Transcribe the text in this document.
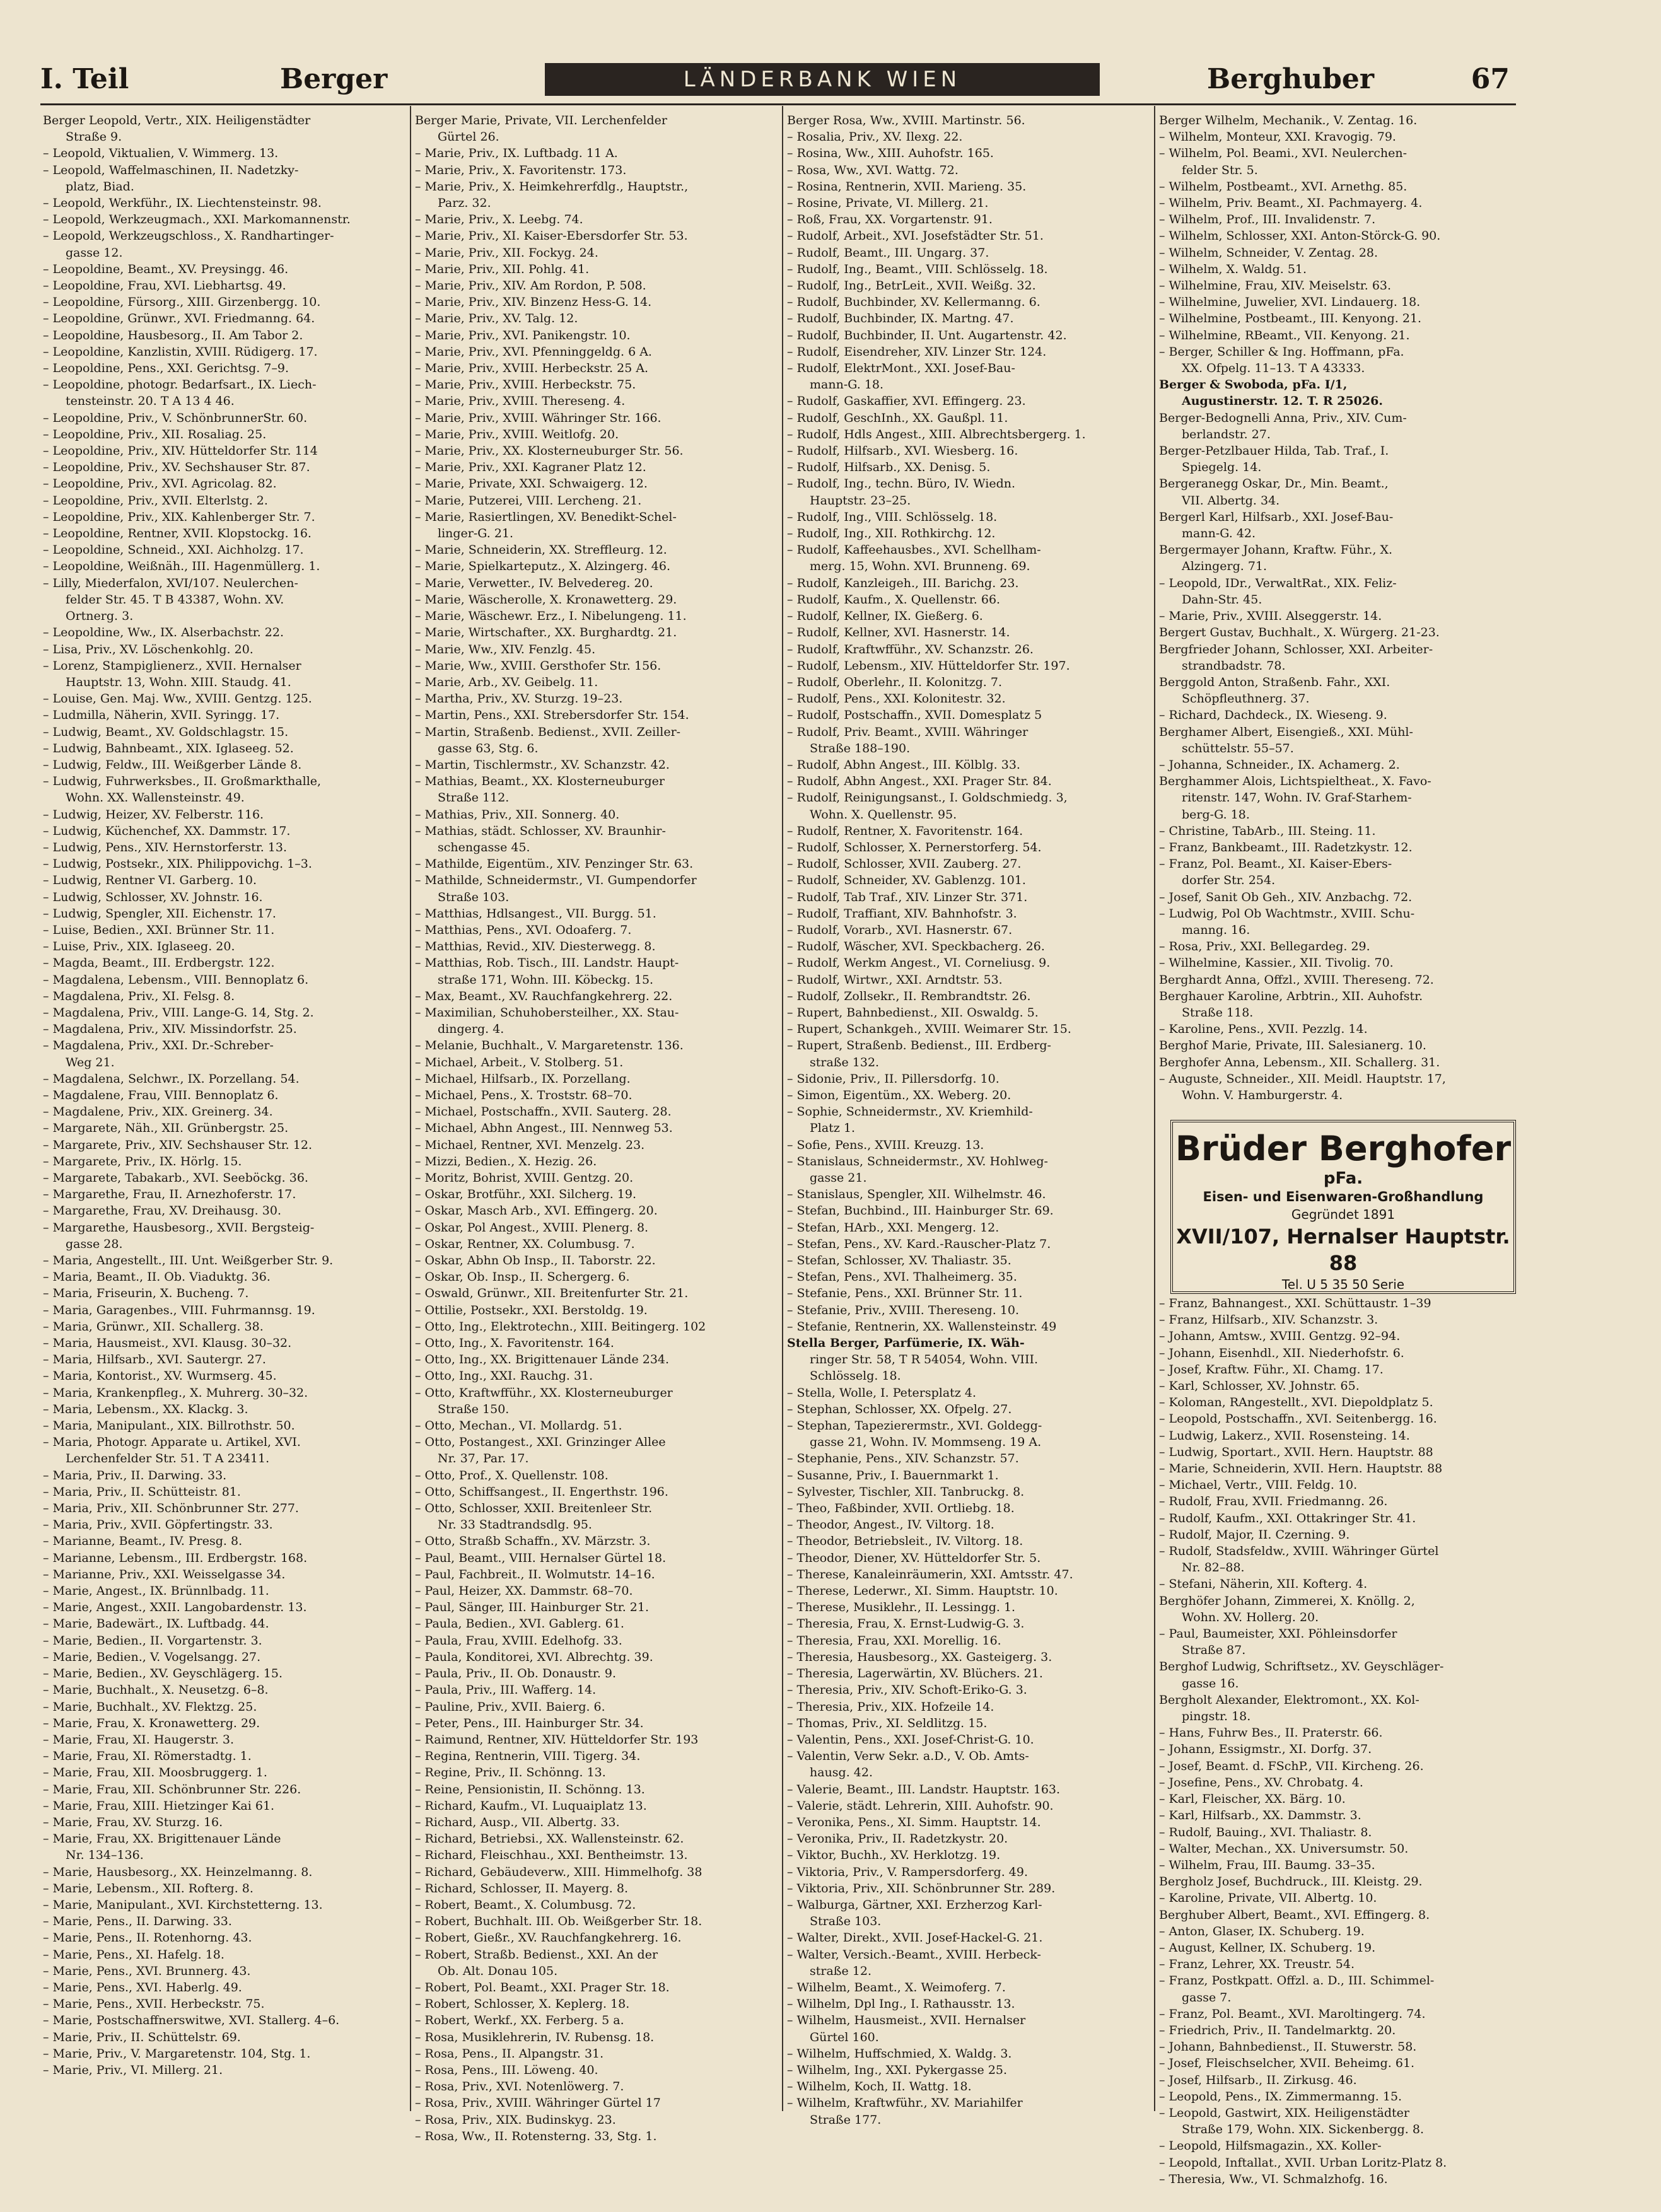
I. Teil	Berger	LÄNDERBANK WIEN	Berghuber	67
Berger Leopold, Vertr., XIX. Heiligenstädter
Straße 9.
– Leopold, Viktualien, V. Wimmerg. 13.
– Leopold, Waffelmaschinen, II. Nadetzky-
platz, Biad.
– Leopold, Werkführ., IX. Liechtensteinstr. 98.
– Leopold, Werkzeugmach., XXI. Markomannenstr.
– Leopold, Werkzeugschloss., X. Randhartinger-
gasse 12.
– Leopoldine, Beamt., XV. Preysingg. 46.
– Leopoldine, Frau, XVI. Liebhartsg. 49.
– Leopoldine, Fürsorg., XIII. Girzenbergg. 10.
– Leopoldine, Grünwr., XVI. Friedmanng. 64.
– Leopoldine, Hausbesorg., II. Am Tabor 2.
– Leopoldine, Kanzlistin, XVIII. Rüdigerg. 17.
– Leopoldine, Pens., XXI. Gerichtsg. 7–9.
– Leopoldine, photogr. Bedarfsart., IX. Liech-
tensteinstr. 20. T A 13 4 46.
– Leopoldine, Priv., V. SchönbrunnerStr. 60.
– Leopoldine, Priv., XII. Rosaliag. 25.
– Leopoldine, Priv., XIV. Hütteldorfer Str. 114
– Leopoldine, Priv., XV. Sechshauser Str. 87.
– Leopoldine, Priv., XVI. Agricolag. 82.
– Leopoldine, Priv., XVII. Elterlstg. 2.
– Leopoldine, Priv., XIX. Kahlenberger Str. 7.
– Leopoldine, Rentner, XVII. Klopstockg. 16.
– Leopoldine, Schneid., XXI. Aichholzg. 17.
– Leopoldine, Weißnäh., III. Hagenmüllerg. 1.
– Lilly, Miederfalon, XVI/107. Neulerchen-
felder Str. 45. T B 43387, Wohn. XV.
Ortnerg. 3.
– Leopoldine, Ww., IX. Alserbachstr. 22.
– Lisa, Priv., XV. Löschenkohlg. 20.
– Lorenz, Stampiglienerz., XVII. Hernalser
Hauptstr. 13, Wohn. XIII. Staudg. 41.
– Louise, Gen. Maj. Ww., XVIII. Gentzg. 125.
– Ludmilla, Näherin, XVII. Syringg. 17.
– Ludwig, Beamt., XV. Goldschlagstr. 15.
– Ludwig, Bahnbeamt., XIX. Iglaseeg. 52.
– Ludwig, Feldw., III. Weißgerber Lände 8.
– Ludwig, Fuhrwerksbes., II. Großmarkthalle,
Wohn. XX. Wallensteinstr. 49.
– Ludwig, Heizer, XV. Felberstr. 116.
– Ludwig, Küchenchef, XX. Dammstr. 17.
– Ludwig, Pens., XIV. Hernstorferstr. 13.
– Ludwig, Postsekr., XIX. Philippovichg. 1–3.
– Ludwig, Rentner VI. Garberg. 10.
– Ludwig, Schlosser, XV. Johnstr. 16.
– Ludwig, Spengler, XII. Eichenstr. 17.
– Luise, Bedien., XXI. Brünner Str. 11.
– Luise, Priv., XIX. Iglaseeg. 20.
– Magda, Beamt., III. Erdbergstr. 122.
– Magdalena, Lebensm., VIII. Bennoplatz 6.
– Magdalena, Priv., XI. Felsg. 8.
– Magdalena, Priv., VIII. Lange-G. 14, Stg. 2.
– Magdalena, Priv., XIV. Missindorfstr. 25.
– Magdalena, Priv., XXI. Dr.-Schreber-
Weg 21.
– Magdalena, Selchwr., IX. Porzellang. 54.
– Magdalene, Frau, VIII. Bennoplatz 6.
– Magdalene, Priv., XIX. Greinerg. 34.
– Margarete, Näh., XII. Grünbergstr. 25.
– Margarete, Priv., XIV. Sechshauser Str. 12.
– Margarete, Priv., IX. Hörlg. 15.
– Margarete, Tabakarb., XVI. Seeböckg. 36.
– Margarethe, Frau, II. Arnezhoferstr. 17.
– Margarethe, Frau, XV. Dreihausg. 30.
– Margarethe, Hausbesorg., XVII. Bergsteig-
gasse 28.
– Maria, Angestellt., III. Unt. Weißgerber Str. 9.
– Maria, Beamt., II. Ob. Viaduktg. 36.
– Maria, Friseurin, X. Bucheng. 7.
– Maria, Garagenbes., VIII. Fuhrmannsg. 19.
– Maria, Grünwr., XII. Schallerg. 38.
– Maria, Hausmeist., XVI. Klausg. 30–32.
– Maria, Hilfsarb., XVI. Sautergr. 27.
– Maria, Kontorist., XV. Wurmserg. 45.
– Maria, Krankenpfleg., X. Muhrerg. 30–32.
– Maria, Lebensm., XX. Klackg. 3.
– Maria, Manipulant., XIX. Billrothstr. 50.
– Maria, Photogr. Apparate u. Artikel, XVI.
Lerchenfelder Str. 51. T A 23411.
– Maria, Priv., II. Darwing. 33.
– Maria, Priv., II. Schütteistr. 81.
– Maria, Priv., XII. Schönbrunner Str. 277.
– Maria, Priv., XVII. Göpfertingstr. 33.
– Marianne, Beamt., IV. Presg. 8.
– Marianne, Lebensm., III. Erdbergstr. 168.
– Marianne, Priv., XXI. Weisselgasse 34.
– Marie, Angest., IX. Brünnlbadg. 11.
– Marie, Angest., XXII. Langobardenstr. 13.
– Marie, Badewärt., IX. Luftbadg. 44.
– Marie, Bedien., II. Vorgartenstr. 3.
– Marie, Bedien., V. Vogelsangg. 27.
– Marie, Bedien., XV. Geyschlägerg. 15.
– Marie, Buchhalt., X. Neusetzg. 6–8.
– Marie, Buchhalt., XV. Flektzg. 25.
– Marie, Frau, X. Kronawetterg. 29.
– Marie, Frau, XI. Haugerstr. 3.
– Marie, Frau, XI. Römerstadtg. 1.
– Marie, Frau, XII. Moosbruggerg. 1.
– Marie, Frau, XII. Schönbrunner Str. 226.
– Marie, Frau, XIII. Hietzinger Kai 61.
– Marie, Frau, XV. Sturzg. 16.
– Marie, Frau, XX. Brigittenauer Lände
Nr. 134–136.
– Marie, Hausbesorg., XX. Heinzelmanng. 8.
– Marie, Lebensm., XII. Rofterg. 8.
– Marie, Manipulant., XVI. Kirchstetterng. 13.
– Marie, Pens., II. Darwing. 33.
– Marie, Pens., II. Rotenhorng. 43.
– Marie, Pens., XI. Hafelg. 18.
– Marie, Pens., XVI. Brunnerg. 43.
– Marie, Pens., XVI. Haberlg. 49.
– Marie, Pens., XVII. Herbeckstr. 75.
– Marie, Postschaffnerswitwe, XVI. Stallerg. 4–6.
– Marie, Priv., II. Schüttelstr. 69.
– Marie, Priv., V. Margaretenstr. 104, Stg. 1.
– Marie, Priv., VI. Millerg. 21.
Berger Marie, Private, VII. Lerchenfelder
Gürtel 26.
– Marie, Priv., IX. Luftbadg. 11 A.
– Marie, Priv., X. Favoritenstr. 173.
– Marie, Priv., X. Heimkehrerfdlg., Hauptstr.,
Parz. 32.
– Marie, Priv., X. Leebg. 74.
– Marie, Priv., XI. Kaiser-Ebersdorfer Str. 53.
– Marie, Priv., XII. Fockyg. 24.
– Marie, Priv., XII. Pohlg. 41.
– Marie, Priv., XIV. Am Rordon, P. 508.
– Marie, Priv., XIV. Binzenz Hess-G. 14.
– Marie, Priv., XV. Talg. 12.
– Marie, Priv., XVI. Panikengstr. 10.
– Marie, Priv., XVI. Pfenninggeldg. 6 A.
– Marie, Priv., XVIII. Herbeckstr. 25 A.
– Marie, Priv., XVIII. Herbeckstr. 75.
– Marie, Priv., XVIII. Thereseng. 4.
– Marie, Priv., XVIII. Währinger Str. 166.
– Marie, Priv., XVIII. Weitlofg. 20.
– Marie, Priv., XX. Klosterneuburger Str. 56.
– Marie, Priv., XXI. Kagraner Platz 12.
– Marie, Private, XXI. Schwaigerg. 12.
– Marie, Putzerei, VIII. Lercheng. 21.
– Marie, Rasiertlingen, XV. Benedikt-Schel-
linger-G. 21.
– Marie, Schneiderin, XX. Streffleurg. 12.
– Marie, Spielkarteputz., X. Alzingerg. 46.
– Marie, Verwetter., IV. Belvedereg. 20.
– Marie, Wäscherolle, X. Kronawetterg. 29.
– Marie, Wäschewr. Erz., I. Nibelungeng. 11.
– Marie, Wirtschafter., XX. Burghardtg. 21.
– Marie, Ww., XIV. Fenzlg. 45.
– Marie, Ww., XVIII. Gersthofer Str. 156.
– Marie, Arb., XV. Geibelg. 11.
– Martha, Priv., XV. Sturzg. 19–23.
– Martin, Pens., XXI. Strebersdorfer Str. 154.
– Martin, Straßenb. Bedienst., XVII. Zeiller-
gasse 63, Stg. 6.
– Martin, Tischlermstr., XV. Schanzstr. 42.
– Mathias, Beamt., XX. Klosterneuburger
Straße 112.
– Mathias, Priv., XII. Sonnerg. 40.
– Mathias, städt. Schlosser, XV. Braunhir-
schengasse 45.
– Mathilde, Eigentüm., XIV. Penzinger Str. 63.
– Mathilde, Schneidermstr., VI. Gumpendorfer
Straße 103.
– Matthias, Hdlsangest., VII. Burgg. 51.
– Matthias, Pens., XVI. Odoaferg. 7.
– Matthias, Revid., XIV. Diesterwegg. 8.
– Matthias, Rob. Tisch., III. Landstr. Haupt-
straße 171, Wohn. III. Köbeckg. 15.
– Max, Beamt., XV. Rauchfangkehrerg. 22.
– Maximilian, Schuhobersteilher., XX. Stau-
dingerg. 4.
– Melanie, Buchhalt., V. Margaretenstr. 136.
– Michael, Arbeit., V. Stolberg. 51.
– Michael, Hilfsarb., IX. Porzellang.
– Michael, Pens., X. Troststr. 68–70.
– Michael, Postschaffn., XVII. Sauterg. 28.
– Michael, Abhn Angest., III. Nennweg 53.
– Michael, Rentner, XVI. Menzelg. 23.
– Mizzi, Bedien., X. Hezig. 26.
– Moritz, Bohrist, XVIII. Gentzg. 20.
– Oskar, Brotführ., XXI. Silcherg. 19.
– Oskar, Masch Arb., XVI. Effingerg. 20.
– Oskar, Pol Angest., XVIII. Plenerg. 8.
– Oskar, Rentner, XX. Columbusg. 7.
– Oskar, Abhn Ob Insp., II. Taborstr. 22.
– Oskar, Ob. Insp., II. Schergerg. 6.
– Oswald, Grünwr., XII. Breitenfurter Str. 21.
– Ottilie, Postsekr., XXI. Berstoldg. 19.
– Otto, Ing., Elektrotechn., XIII. Beitingerg. 102
– Otto, Ing., X. Favoritenstr. 164.
– Otto, Ing., XX. Brigittenauer Lände 234.
– Otto, Ing., XXI. Rauchg. 31.
– Otto, Kraftwfführ., XX. Klosterneuburger
Straße 150.
– Otto, Mechan., VI. Mollardg. 51.
– Otto, Postangest., XXI. Grinzinger Allee
Nr. 37, Par. 17.
– Otto, Prof., X. Quellenstr. 108.
– Otto, Schiffsangest., II. Engerthstr. 196.
– Otto, Schlosser, XXII. Breitenleer Str.
Nr. 33 Stadtrandsdlg. 95.
– Otto, Straßb Schaffn., XV. Märzstr. 3.
– Paul, Beamt., VIII. Hernalser Gürtel 18.
– Paul, Fachbreit., II. Wolmutstr. 14–16.
– Paul, Heizer, XX. Dammstr. 68–70.
– Paul, Sänger, III. Hainburger Str. 21.
– Paula, Bedien., XVI. Gablerg. 61.
– Paula, Frau, XVIII. Edelhofg. 33.
– Paula, Konditorei, XVI. Albrechtg. 39.
– Paula, Priv., II. Ob. Donaustr. 9.
– Paula, Priv., III. Wafferg. 14.
– Pauline, Priv., XVII. Baierg. 6.
– Peter, Pens., III. Hainburger Str. 34.
– Raimund, Rentner, XIV. Hütteldorfer Str. 193
– Regina, Rentnerin, VIII. Tigerg. 34.
– Regine, Priv., II. Schönng. 13.
– Reine, Pensionistin, II. Schönng. 13.
– Richard, Kaufm., VI. Luquaiplatz 13.
– Richard, Ausp., VII. Albertg. 33.
– Richard, Betriebsi., XX. Wallensteinstr. 62.
– Richard, Fleischhau., XXI. Bentheimstr. 13.
– Richard, Gebäudeverw., XIII. Himmelhofg. 38
– Richard, Schlosser, II. Mayerg. 8.
– Robert, Beamt., X. Columbusg. 72.
– Robert, Buchhalt. III. Ob. Weißgerber Str. 18.
– Robert, Gießr., XV. Rauchfangkehrerg. 16.
– Robert, Straßb. Bedienst., XXI. An der
Ob. Alt. Donau 105.
– Robert, Pol. Beamt., XXI. Prager Str. 18.
– Robert, Schlosser, X. Keplerg. 18.
– Robert, Werkf., XX. Ferberg. 5 a.
– Rosa, Musiklehrerin, IV. Rubensg. 18.
– Rosa, Pens., II. Alpangstr. 31.
– Rosa, Pens., III. Löweng. 40.
– Rosa, Priv., XVI. Notenlöwerg. 7.
– Rosa, Priv., XVIII. Währinger Gürtel 17
– Rosa, Priv., XIX. Budinskyg. 23.
– Rosa, Ww., II. Rotensterng. 33, Stg. 1.
Berger Rosa, Ww., XVIII. Martinstr. 56.
– Rosalia, Priv., XV. Ilexg. 22.
– Rosina, Ww., XIII. Auhofstr. 165.
– Rosa, Ww., XVI. Wattg. 72.
– Rosina, Rentnerin, XVII. Marieng. 35.
– Rosine, Private, VI. Millerg. 21.
– Roß, Frau, XX. Vorgartenstr. 91.
– Rudolf, Arbeit., XVI. Josefstädter Str. 51.
– Rudolf, Beamt., III. Ungarg. 37.
– Rudolf, Ing., Beamt., VIII. Schlösselg. 18.
– Rudolf, Ing., BetrLeit., XVII. Weißg. 32.
– Rudolf, Buchbinder, XV. Kellermanng. 6.
– Rudolf, Buchbinder, IX. Martng. 47.
– Rudolf, Buchbinder, II. Unt. Augartenstr. 42.
– Rudolf, Eisendreher, XIV. Linzer Str. 124.
– Rudolf, ElektrMont., XXI. Josef-Bau-
mann-G. 18.
– Rudolf, Gaskaffier, XVI. Effingerg. 23.
– Rudolf, GeschInh., XX. Gaußpl. 11.
– Rudolf, Hdls Angest., XIII. Albrechtsbergerg. 1.
– Rudolf, Hilfsarb., XVI. Wiesberg. 16.
– Rudolf, Hilfsarb., XX. Denisg. 5.
– Rudolf, Ing., techn. Büro, IV. Wiedn.
Hauptstr. 23–25.
– Rudolf, Ing., VIII. Schlösselg. 18.
– Rudolf, Ing., XII. Rothkirchg. 12.
– Rudolf, Kaffeehausbes., XVI. Schellham-
merg. 15, Wohn. XVI. Brunneng. 69.
– Rudolf, Kanzleigeh., III. Barichg. 23.
– Rudolf, Kaufm., X. Quellenstr. 66.
– Rudolf, Kellner, IX. Gießerg. 6.
– Rudolf, Kellner, XVI. Hasnerstr. 14.
– Rudolf, Kraftwfführ., XV. Schanzstr. 26.
– Rudolf, Lebensm., XIV. Hütteldorfer Str. 197.
– Rudolf, Oberlehr., II. Kolonitzg. 7.
– Rudolf, Pens., XXI. Kolonitestr. 32.
– Rudolf, Postschaffn., XVII. Domesplatz 5
– Rudolf, Priv. Beamt., XVIII. Währinger
Straße 188–190.
– Rudolf, Abhn Angest., III. Kölblg. 33.
– Rudolf, Abhn Angest., XXI. Prager Str. 84.
– Rudolf, Reinigungsanst., I. Goldschmiedg. 3,
Wohn. X. Quellenstr. 95.
– Rudolf, Rentner, X. Favoritenstr. 164.
– Rudolf, Schlosser, X. Pernerstorferg. 54.
– Rudolf, Schlosser, XVII. Zauberg. 27.
– Rudolf, Schneider, XV. Gablenzg. 101.
– Rudolf, Tab Traf., XIV. Linzer Str. 371.
– Rudolf, Traffiant, XIV. Bahnhofstr. 3.
– Rudolf, Vorarb., XVI. Hasnerstr. 67.
– Rudolf, Wäscher, XVI. Speckbacherg. 26.
– Rudolf, Werkm Angest., VI. Corneliusg. 9.
– Rudolf, Wirtwr., XXI. Arndtstr. 53.
– Rudolf, Zollsekr., II. Rembrandtstr. 26.
– Rupert, Bahnbedienst., XII. Oswaldg. 5.
– Rupert, Schankgeh., XVIII. Weimarer Str. 15.
– Rupert, Straßenb. Bedienst., III. Erdberg-
straße 132.
– Sidonie, Priv., II. Pillersdorfg. 10.
– Simon, Eigentüm., XX. Weberg. 20.
– Sophie, Schneidermstr., XV. Kriemhild-
Platz 1.
– Sofie, Pens., XVIII. Kreuzg. 13.
– Stanislaus, Schneidermstr., XV. Hohlweg-
gasse 21.
– Stanislaus, Spengler, XII. Wilhelmstr. 46.
– Stefan, Buchbind., III. Hainburger Str. 69.
– Stefan, HArb., XXI. Mengerg. 12.
– Stefan, Pens., XV. Kard.-Rauscher-Platz 7.
– Stefan, Schlosser, XV. Thaliastr. 35.
– Stefan, Pens., XVI. Thalheimerg. 35.
– Stefanie, Pens., XXI. Brünner Str. 11.
– Stefanie, Priv., XVIII. Thereseng. 10.
– Stefanie, Rentnerin, XX. Wallensteinstr. 49
Stella Berger, Parfümerie, IX. Wäh-
ringer Str. 58, T R 54054, Wohn. VIII.
Schlösselg. 18.
– Stella, Wolle, I. Petersplatz 4.
– Stephan, Schlosser, XX. Ofpelg. 27.
– Stephan, Tapezierermstr., XVI. Goldegg-
gasse 21, Wohn. IV. Mommseng. 19 A.
– Stephanie, Pens., XIV. Schanzstr. 57.
– Susanne, Priv., I. Bauernmarkt 1.
– Sylvester, Tischler, XII. Tanbruckg. 8.
– Theo, Faßbinder, XVII. Ortliebg. 18.
– Theodor, Angest., IV. Viltorg. 18.
– Theodor, Betriebsleit., IV. Viltorg. 18.
– Theodor, Diener, XV. Hütteldorfer Str. 5.
– Therese, Kanaleinräumerin, XXI. Amtsstr. 47.
– Therese, Lederwr., XI. Simm. Hauptstr. 10.
– Therese, Musiklehr., II. Lessingg. 1.
– Theresia, Frau, X. Ernst-Ludwig-G. 3.
– Theresia, Frau, XXI. Morellig. 16.
– Theresia, Hausbesorg., XX. Gasteigerg. 3.
– Theresia, Lagerwärtin, XV. Blüchers. 21.
– Theresia, Priv., XIV. Schoft-Eriko-G. 3.
– Theresia, Priv., XIX. Hofzeile 14.
– Thomas, Priv., XI. Seldlitzg. 15.
– Valentin, Pens., XXI. Josef-Christ-G. 10.
– Valentin, Verw Sekr. a.D., V. Ob. Amts-
hausg. 42.
– Valerie, Beamt., III. Landstr. Hauptstr. 163.
– Valerie, städt. Lehrerin, XIII. Auhofstr. 90.
– Veronika, Pens., XI. Simm. Hauptstr. 14.
– Veronika, Priv., II. Radetzkystr. 20.
– Viktor, Buchh., XV. Herklotzg. 19.
– Viktoria, Priv., V. Rampersdorferg. 49.
– Viktoria, Priv., XII. Schönbrunner Str. 289.
– Walburga, Gärtner, XXI. Erzherzog Karl-
Straße 103.
– Walter, Direkt., XVII. Josef-Hackel-G. 21.
– Walter, Versich.-Beamt., XVIII. Herbeck-
straße 12.
– Wilhelm, Beamt., X. Weimoferg. 7.
– Wilhelm, Dpl Ing., I. Rathausstr. 13.
– Wilhelm, Hausmeist., XVII. Hernalser
Gürtel 160.
– Wilhelm, Huffschmied, X. Waldg. 3.
– Wilhelm, Ing., XXI. Pykergasse 25.
– Wilhelm, Koch, II. Wattg. 18.
– Wilhelm, Kraftwführ., XV. Mariahilfer
Straße 177.
Berger Wilhelm, Mechanik., V. Zentag. 16.
– Wilhelm, Monteur, XXI. Kravogig. 79.
– Wilhelm, Pol. Beami., XVI. Neulerchen-
felder Str. 5.
– Wilhelm, Postbeamt., XVI. Arnethg. 85.
– Wilhelm, Priv. Beamt., XI. Pachmayerg. 4.
– Wilhelm, Prof., III. Invalidenstr. 7.
– Wilhelm, Schlosser, XXI. Anton-Störck-G. 90.
– Wilhelm, Schneider, V. Zentag. 28.
– Wilhelm, X. Waldg. 51.
– Wilhelmine, Frau, XIV. Meiselstr. 63.
– Wilhelmine, Juwelier, XVI. Lindauerg. 18.
– Wilhelmine, Postbeamt., III. Kenyong. 21.
– Wilhelmine, RBeamt., VII. Kenyong. 21.
– Berger, Schiller & Ing. Hoffmann, pFa.
XX. Ofpelg. 11–13. T A 43333.
Berger & Swoboda, pFa. I/1,
Augustinerstr. 12. T. R 25026.
Berger-Bedognelli Anna, Priv., XIV. Cum-
berlandstr. 27.
Berger-Petzlbauer Hilda, Tab. Traf., I.
Spiegelg. 14.
Bergeranegg Oskar, Dr., Min. Beamt.,
VII. Albertg. 34.
Bergerl Karl, Hilfsarb., XXI. Josef-Bau-
mann-G. 42.
Bergermayer Johann, Kraftw. Führ., X.
Alzingerg. 71.
– Leopold, IDr., VerwaltRat., XIX. Feliz-
Dahn-Str. 45.
– Marie, Priv., XVIII. Alseggerstr. 14.
Bergert Gustav, Buchhalt., X. Würgerg. 21-23.
Bergfrieder Johann, Schlosser, XXI. Arbeiter-
strandbadstr. 78.
Berggold Anton, Straßenb. Fahr., XXI.
Schöpfleuthnerg. 37.
– Richard, Dachdeck., IX. Wieseng. 9.
Berghamer Albert, Eisengieß., XXI. Mühl-
schüttelstr. 55–57.
– Johanna, Schneider., IX. Achamerg. 2.
Berghammer Alois, Lichtspieltheat., X. Favo-
ritenstr. 147, Wohn. IV. Graf-Starhem-
berg-G. 18.
– Christine, TabArb., III. Steing. 11.
– Franz, Bankbeamt., III. Radetzkystr. 12.
– Franz, Pol. Beamt., XI. Kaiser-Ebers-
dorfer Str. 254.
– Josef, Sanit Ob Geh., XIV. Anzbachg. 72.
– Ludwig, Pol Ob Wachtmstr., XVIII. Schu-
manng. 16.
– Rosa, Priv., XXI. Bellegardeg. 29.
– Wilhelmine, Kassier., XII. Tivolig. 70.
Berghardt Anna, Offzl., XVIII. Thereseng. 72.
Berghauer Karoline, Arbtrin., XII. Auhofstr.
Straße 118.
– Karoline, Pens., XVII. Pezzlg. 14.
Berghof Marie, Private, III. Salesianerg. 10.
Berghofer Anna, Lebensm., XII. Schallerg. 31.
– Auguste, Schneider., XII. Meidl. Hauptstr. 17,
Wohn. V. Hamburgerstr. 4.
– Franz, Bahnangest., XXI. Schüttaustr. 1–39
– Franz, Hilfsarb., XIV. Schanzstr. 3.
– Johann, Amtsw., XVIII. Gentzg. 92–94.
– Johann, Eisenhdl., XII. Niederhofstr. 6.
– Josef, Kraftw. Führ., XI. Chamg. 17.
– Karl, Schlosser, XV. Johnstr. 65.
– Koloman, RAngestellt., XVI. Diepoldplatz 5.
– Leopold, Postschaffn., XVI. Seitenbergg. 16.
– Ludwig, Lakerz., XVII. Rosensteing. 14.
– Ludwig, Sportart., XVII. Hern. Hauptstr. 88
– Marie, Schneiderin, XVII. Hern. Hauptstr. 88
– Michael, Vertr., VIII. Feldg. 10.
– Rudolf, Frau, XVII. Friedmanng. 26.
– Rudolf, Kaufm., XXI. Ottakringer Str. 41.
– Rudolf, Major, II. Czerning. 9.
– Rudolf, Stadsfeldw., XVIII. Währinger Gürtel
Nr. 82–88.
– Stefani, Näherin, XII. Kofterg. 4.
Berghöfer Johann, Zimmerei, X. Knöllg. 2,
Wohn. XV. Hollerg. 20.
– Paul, Baumeister, XXI. Pöhleinsdorfer
Straße 87.
Berghof Ludwig, Schriftsetz., XV. Geyschläger-
gasse 16.
Bergholt Alexander, Elektromont., XX. Kol-
pingstr. 18.
– Hans, Fuhrw Bes., II. Praterstr. 66.
– Johann, Essigmstr., XI. Dorfg. 37.
– Josef, Beamt. d. FSchP., VII. Kircheng. 26.
– Josefine, Pens., XV. Chrobatg. 4.
– Karl, Fleischer, XX. Bärg. 10.
– Karl, Hilfsarb., XX. Dammstr. 3.
– Rudolf, Bauing., XVI. Thaliastr. 8.
– Walter, Mechan., XX. Universumstr. 50.
– Wilhelm, Frau, III. Baumg. 33–35.
Bergholz Josef, Buchdruck., III. Kleistg. 29.
– Karoline, Private, VII. Albertg. 10.
Berghuber Albert, Beamt., XVI. Effingerg. 8.
– Anton, Glaser, IX. Schuberg. 19.
– August, Kellner, IX. Schuberg. 19.
– Franz, Lehrer, XX. Treustr. 54.
– Franz, Postkpatt. Offzl. a. D., III. Schimmel-
gasse 7.
– Franz, Pol. Beamt., XVI. Maroltingerg. 74.
– Friedrich, Priv., II. Tandelmarktg. 20.
– Johann, Bahnbedienst., II. Stuwerstr. 58.
– Josef, Fleischselcher, XVII. Beheimg. 61.
– Josef, Hilfsarb., II. Zirkusg. 46.
– Leopold, Pens., IX. Zimmermanng. 15.
– Leopold, Gastwirt, XIX. Heiligenstädter
Straße 179, Wohn. XIX. Sickenbergg. 8.
– Leopold, Hilfsmagazin., XX. Koller-
– Leopold, Inftallat., XVII. Urban Loritz-Platz 8.
– Theresia, Ww., VI. Schmalzhofg. 16.
Brüder Berghofer
pFa.
Eisen- und Eisenwaren-Großhandlung
Gegründet 1891
XVII/107, Hernalser Hauptstr. 88
Tel. U 5 35 50 Serie
